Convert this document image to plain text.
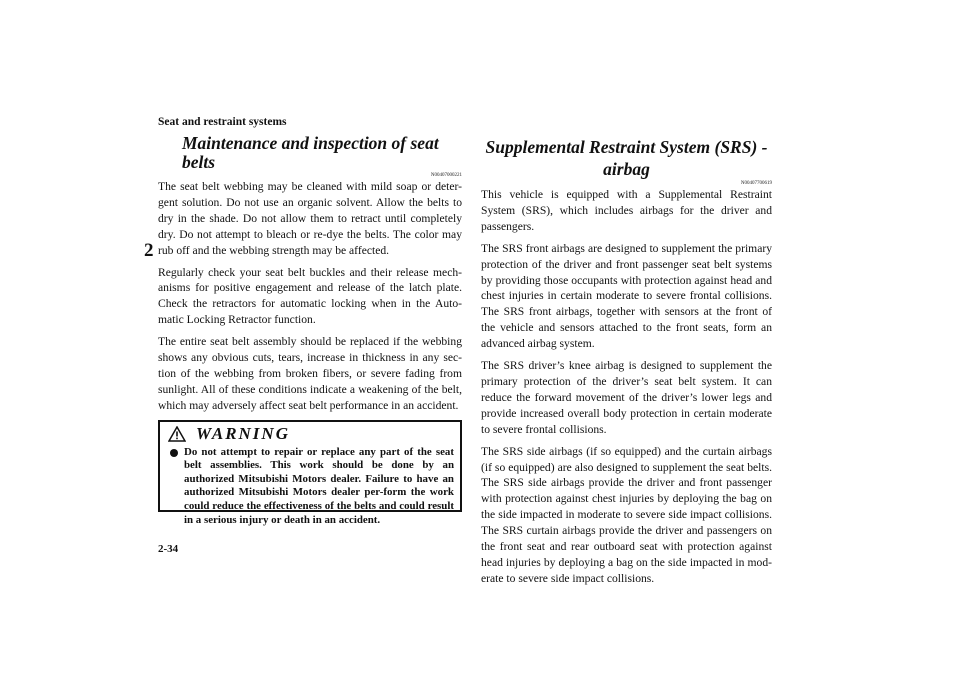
Seat and restraint systems
2
2-34
Maintenance and inspection of seat belts
N00407000221

The seat belt webbing may be cleaned with mild soap or deter-gent solution. Do not use an organic solvent. Allow the belts to dry in the shade. Do not allow them to retract until completely dry. Do not attempt to bleach or re-dye the belts. The color may rub off and the webbing strength may be affected.

Regularly check your seat belt buckles and their release mech-anisms for positive engagement and release of the latch plate. Check the retractors for automatic locking when in the Auto-matic Locking Retractor function.

The entire seat belt assembly should be replaced if the webbing shows any obvious cuts, tears, increase in thickness in any sec-tion of the webbing from broken fibers, or severe fading from sunlight. All of these conditions indicate a weakening of the belt, which may adversely affect seat belt performance in an accident.

WARNING
Do not attempt to repair or replace any part of the seat belt assemblies. This work should be done by an authorized Mitsubishi Motors dealer. Failure to have an authorized Mitsubishi Motors dealer per-form the work could reduce the effectiveness of the belts and could result in a serious injury or death in an accident.
Supplemental Restraint System (SRS) - airbag
N00407700619

This vehicle is equipped with a Supplemental Restraint System (SRS), which includes airbags for the driver and passengers.

The SRS front airbags are designed to supplement the primary protection of the driver and front passenger seat belt systems by providing those occupants with protection against head and chest injuries in certain moderate to severe frontal collisions. The SRS front airbags, together with sensors at the front of the vehicle and sensors attached to the front seats, form an advanced airbag system.

The SRS driver’s knee airbag is designed to supplement the primary protection of the driver’s seat belt system. It can reduce the forward movement of the driver’s lower legs and provide increased overall body protection in certain moderate to severe frontal collisions.

The SRS side airbags (if so equipped) and the curtain airbags (if so equipped) are also designed to supplement the seat belts. The SRS side airbags provide the driver and front passenger with protection against chest injuries by deploying the bag on the side impacted in moderate to severe side impact collisions. The SRS curtain airbags provide the driver and passengers on the front seat and rear outboard seat with protection against head injuries by deploying a bag on the side impacted in mod-erate to severe side impact collisions.
